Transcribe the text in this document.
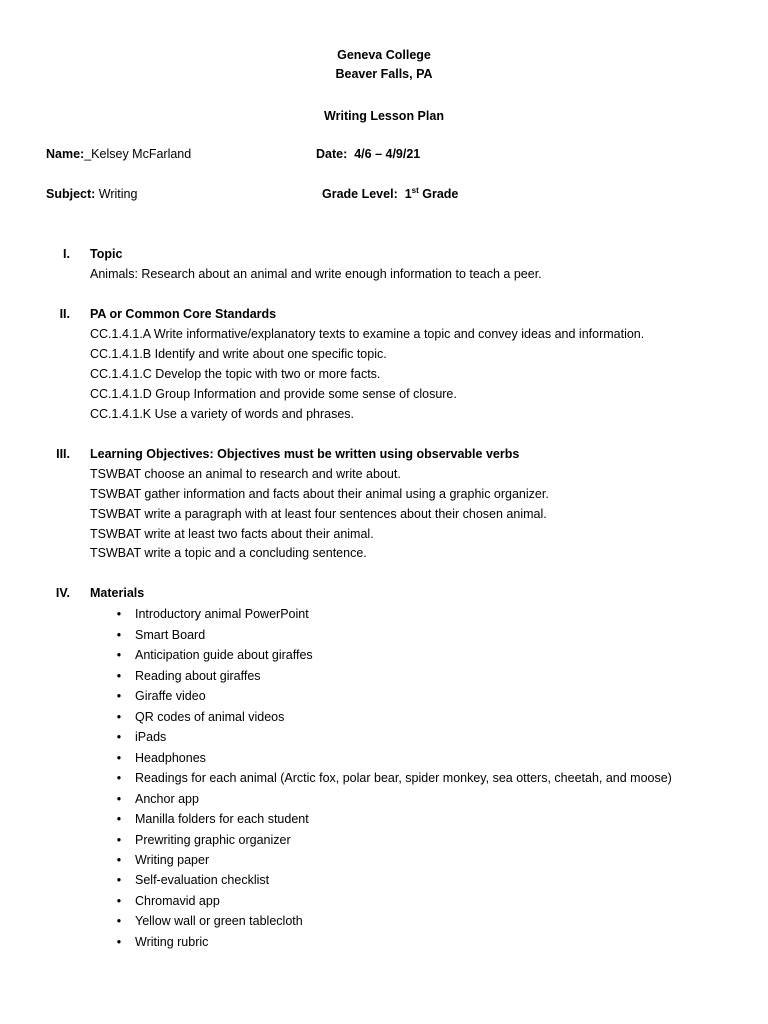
Geneva College
Beaver Falls, PA
Writing Lesson Plan
Name:_Kelsey McFarland	Date: 4/6 – 4/9/21
Subject: Writing	Grade Level: 1st Grade
I. Topic
Animals: Research about an animal and write enough information to teach a peer.
II. PA or Common Core Standards
CC.1.4.1.A Write informative/explanatory texts to examine a topic and convey ideas and information.
CC.1.4.1.B Identify and write about one specific topic.
CC.1.4.1.C Develop the topic with two or more facts.
CC.1.4.1.D Group Information and provide some sense of closure.
CC.1.4.1.K Use a variety of words and phrases.
III. Learning Objectives: Objectives must be written using observable verbs
TSWBAT choose an animal to research and write about.
TSWBAT gather information and facts about their animal using a graphic organizer.
TSWBAT write a paragraph with at least four sentences about their chosen animal.
TSWBAT write at least two facts about their animal.
TSWBAT write a topic and a concluding sentence.
IV. Materials
• Introductory animal PowerPoint
• Smart Board
• Anticipation guide about giraffes
• Reading about giraffes
• Giraffe video
• QR codes of animal videos
• iPads
• Headphones
• Readings for each animal (Arctic fox, polar bear, spider monkey, sea otters, cheetah, and moose)
• Anchor app
• Manilla folders for each student
• Prewriting graphic organizer
• Writing paper
• Self-evaluation checklist
• Chromavid app
• Yellow wall or green tablecloth
• Writing rubric
